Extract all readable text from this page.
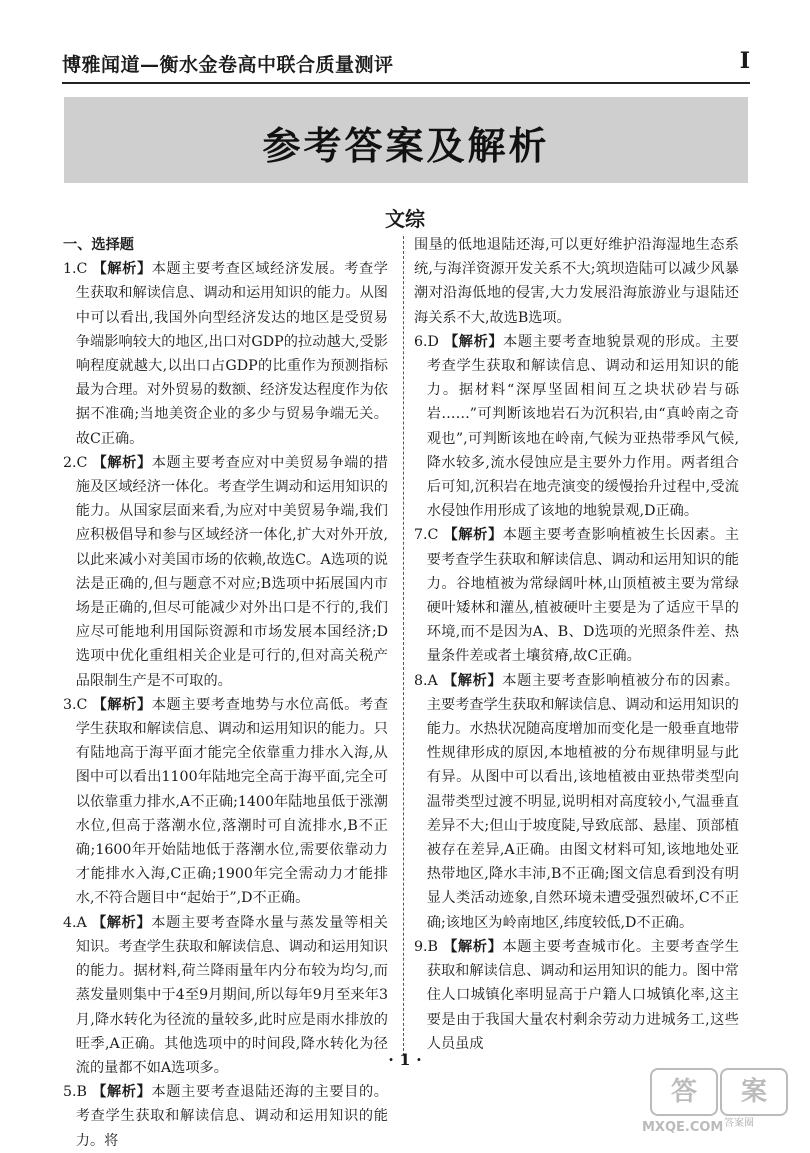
博雅闻道—衡水金卷高中联合质量测评	I
参考答案及解析
文综
一、选择题

1.C 【解析】本题主要考查区域经济发展。考查学生获取和解读信息、调动和运用知识的能力。从图中可以看出,我国外向型经济发达的地区是受贸易争端影响较大的地区,出口对GDP的拉动越大,受影响程度就越大,以出口占GDP的比重作为预测指标最为合理。对外贸易的数额、经济发达程度作为依据不准确;当地美资企业的多少与贸易争端无关。故C正确。

2.C 【解析】本题主要考查应对中美贸易争端的措施及区域经济一体化。考查学生调动和运用知识的能力。从国家层面来看,为应对中美贸易争端,我们应积极倡导和参与区域经济一体化,扩大对外开放,以此来减小对美国市场的依赖,故选C。A选项的说法是正确的,但与题意不对应;B选项中拓展国内市场是正确的,但尽可能减少对外出口是不行的,我们应尽可能地利用国际资源和市场发展本国经济;D选项中优化重组相关企业是可行的,但对高关税产品限制生产是不可取的。

3.C 【解析】本题主要考查地势与水位高低。考查学生获取和解读信息、调动和运用知识的能力。只有陆地高于海平面才能完全依靠重力排水入海,从图中可以看出1100年陆地完全高于海平面,完全可以依靠重力排水,A不正确;1400年陆地虽低于涨潮水位,但高于落潮水位,落潮时可自流排水,B不正确;1600年开始陆地低于落潮水位,需要依靠动力才能排水入海,C正确;1900年完全需动力才能排水,不符合题目中“起始于”,D不正确。

4.A 【解析】本题主要考查降水量与蒸发量等相关知识。考查学生获取和解读信息、调动和运用知识的能力。据材料,荷兰降雨量年内分布较为均匀,而蒸发量则集中于4至9月期间,所以每年9月至来年3月,降水转化为径流的量较多,此时应是雨水排放的旺季,A正确。其他选项中的时间段,降水转化为径流的量都不如A选项多。

5.B 【解析】本题主要考查退陆还海的主要目的。考查学生获取和解读信息、调动和运用知识的能力。将

围垦的低地退陆还海,可以更好维护沿海湿地生态系统,与海洋资源开发关系不大;筑坝造陆可以减少风暴潮对沿海低地的侵害,大力发展沿海旅游业与退陆还海关系不大,故选B选项。

6.D 【解析】本题主要考查地貌景观的形成。主要考查学生获取和解读信息、调动和运用知识的能力。据材料“深厚坚固相间互之块状砂岩与砾岩……”可判断该地岩石为沉积岩,由“真岭南之奇观也”,可判断该地在岭南,气候为亚热带季风气候,降水较多,流水侵蚀应是主要外力作用。两者组合后可知,沉积岩在地壳演变的缓慢抬升过程中,受流水侵蚀作用形成了该地的地貌景观,D正确。

7.C 【解析】本题主要考查影响植被生长因素。主要考查学生获取和解读信息、调动和运用知识的能力。谷地植被为常绿阔叶林,山顶植被主要为常绿硬叶矮林和灌丛,植被硬叶主要是为了适应干旱的环境,而不是因为A、B、D选项的光照条件差、热量条件差或者土壤贫瘠,故C正确。

8.A 【解析】本题主要考查影响植被分布的因素。主要考查学生获取和解读信息、调动和运用知识的能力。水热状况随高度增加而变化是一般垂直地带性规律形成的原因,本地植被的分布规律明显与此有异。从图中可以看出,该地植被由亚热带类型向温带类型过渡不明显,说明相对高度较小,气温垂直差异不大;但山于坡度陡,导致底部、悬崖、顶部植被存在差异,A正确。由图文材料可知,该地地处亚热带地区,降水丰沛,B不正确;图文信息看到没有明显人类活动迹象,自然环境未遭受强烈破坏,C不正确;该地区为岭南地区,纬度较低,D不正确。

9.B 【解析】本题主要考查城市化。主要考查学生获取和解读信息、调动和运用知识的能力。图中常住人口城镇化率明显高于户籍人口城镇化率,这主要是由于我国大量农村剩余劳动力进城务工,这些人员虽成

· 1 ·
答	案
答案圈
MXQE.COM
